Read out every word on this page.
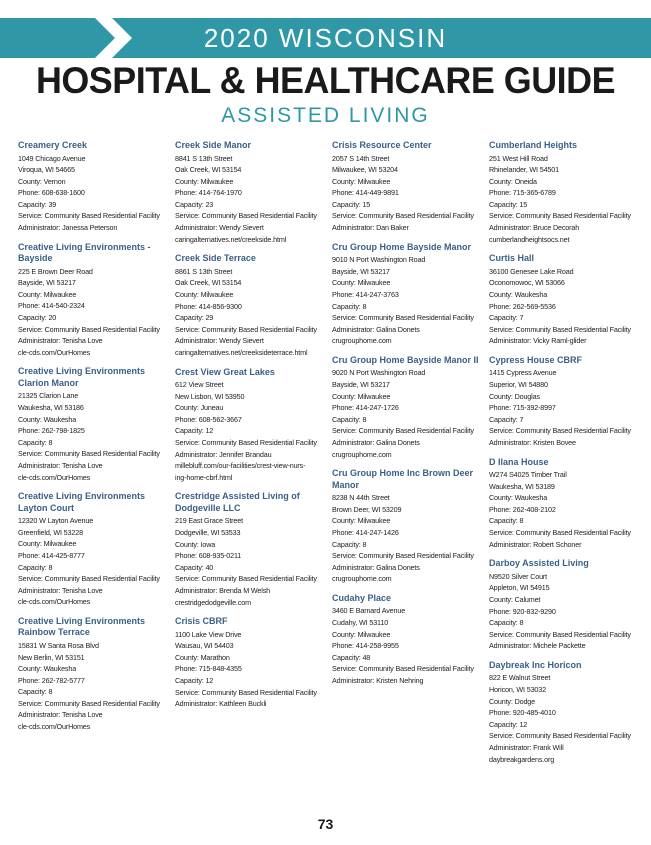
2020 WISCONSIN
HOSPITAL & HEALTHCARE GUIDE
ASSISTED LIVING
Creamery Creek
1049 Chicago Avenue
Viroqua, WI 54665
County: Vernon
Phone: 608-638-1600
Capacity: 39
Service: Community Based Residential Facility
Administrator: Janessa Peterson
Creative Living Environments -
Bayside
225 E Brown Deer Road
Bayside, WI 53217
County: Milwaukee
Phone: 414-540-2324
Capacity: 20
Service: Community Based Residential Facility
Administrator: Tenisha Love
cle-cds.com/OurHomes
Creative Living Environments
Clarion Manor
21325 Clarion Lane
Waukesha, WI 53186
County: Waukesha
Phone: 262-798-1825
Capacity: 8
Service: Community Based Residential Facility
Administrator: Tenisha Love
cle-cds.com/OurHomes
Creative Living Environments
Layton Court
12320 W Layton Avenue
Greenfield, WI 53228
County: Milwaukee
Phone: 414-425-8777
Capacity: 8
Service: Community Based Residential Facility
Administrator: Tenisha Love
cle-cds.com/OurHomes
Creative Living Environments
Rainbow Terrace
15831 W Santa Rosa Blvd
New Berlin, WI 53151
County: Waukesha
Phone: 262-782-5777
Capacity: 8
Service: Community Based Residential Facility
Administrator: Tenisha Love
cle-cds.com/OurHomes
Creek Side Manor
8841 S 13th Street
Oak Creek, WI 53154
County: Milwaukee
Phone: 414-764-1970
Capacity: 23
Service: Community Based Residential Facility
Administrator: Wendy Sievert
caringalternatives.net/creekside.html
Creek Side Terrace
8861 S 13th Street
Oak Creek, WI 53154
County: Milwaukee
Phone: 414-856-9300
Capacity: 29
Service: Community Based Residential Facility
Administrator: Wendy Sievert
caringalternatives.net/creeksideterrace.html
Crest View Great Lakes
612 View Street
New Lisbon, WI 53950
County: Juneau
Phone: 608-562-3667
Capacity: 12
Service: Community Based Residential Facility
Administrator: Jennifer Brandau
millebluff.com/our-facilities/crest-view-nurs-
ing-home-cbrf.html
Crestridge Assisted Living of
Dodgeville LLC
219 East Grace Street
Dodgeville, WI 53533
County: Iowa
Phone: 608-935-0211
Capacity: 40
Service: Community Based Residential Facility
Administrator: Brenda M Welsh
crestridgedodgeville.com
Crisis CBRF
1100 Lake View Drive
Wausau, WI 54403
County: Marathon
Phone: 715-848-4355
Capacity: 12
Service: Community Based Residential Facility
Administrator: Kathleen Buckli
Crisis Resource Center
2057 S 14th Street
Milwaukee, WI 53204
County: Milwaukee
Phone: 414-449-9891
Capacity: 15
Service: Community Based Residential Facility
Administrator: Dan Baker
Cru Group Home Bayside Manor
9010 N Port Washington Road
Bayside, WI 53217
County: Milwaukee
Phone: 414-247-3763
Capacity: 8
Service: Community Based Residential Facility
Administrator: Galina Donets
crugrouphome.com
Cru Group Home Bayside Manor II
9020 N Port Washington Road
Bayside, WI 53217
County: Milwaukee
Phone: 414-247-1726
Capacity: 8
Service: Community Based Residential Facility
Administrator: Galina Donets
crugrouphome.com
Cru Group Home Inc Brown Deer
Manor
8238 N 44th Street
Brown Deer, WI 53209
County: Milwaukee
Phone: 414-247-1426
Capacity: 8
Service: Community Based Residential Facility
Administrator: Galina Donets
crugrouphome.com
Cudahy Place
3460 E Barnard Avenue
Cudahy, WI 53110
County: Milwaukee
Phone: 414-258-9955
Capacity: 48
Service: Community Based Residential Facility
Administrator: Kristen Nehring
Cumberland Heights
251 West Hill Road
Rhinelander, WI 54501
County: Oneida
Phone: 715-365-6789
Capacity: 15
Service: Community Based Residential Facility
Administrator: Bruce Decorah
cumberlandheightsocs.net
Curtis Hall
36100 Genesee Lake Road
Oconomowoc, WI 53066
County: Waukesha
Phone: 262-569-5536
Capacity: 7
Service: Community Based Residential Facility
Administrator: Vicky Raml-glider
Cypress House CBRF
1415 Cypress Avenue
Superior, WI 54880
County: Douglas
Phone: 715-392-8997
Capacity: 7
Service: Community Based Residential Facility
Administrator: Kristen Bovee
D Ilana House
W274 S4025 Timber Trail
Waukesha, WI 53189
County: Waukesha
Phone: 262-408-2102
Capacity: 8
Service: Community Based Residential Facility
Administrator: Robert Schoner
Darboy Assisted Living
N9520 Silver Court
Appleton, WI 54915
County: Calumet
Phone: 920-832-9290
Capacity: 8
Service: Community Based Residential Facility
Administrator: Michele Packette
Daybreak Inc Horicon
822 E Walnut Street
Horicon, WI 53032
County: Dodge
Phone: 920-485-4010
Capacity: 12
Service: Community Based Residential Facility
Administrator: Frank Will
daybreakgardens.org
73
